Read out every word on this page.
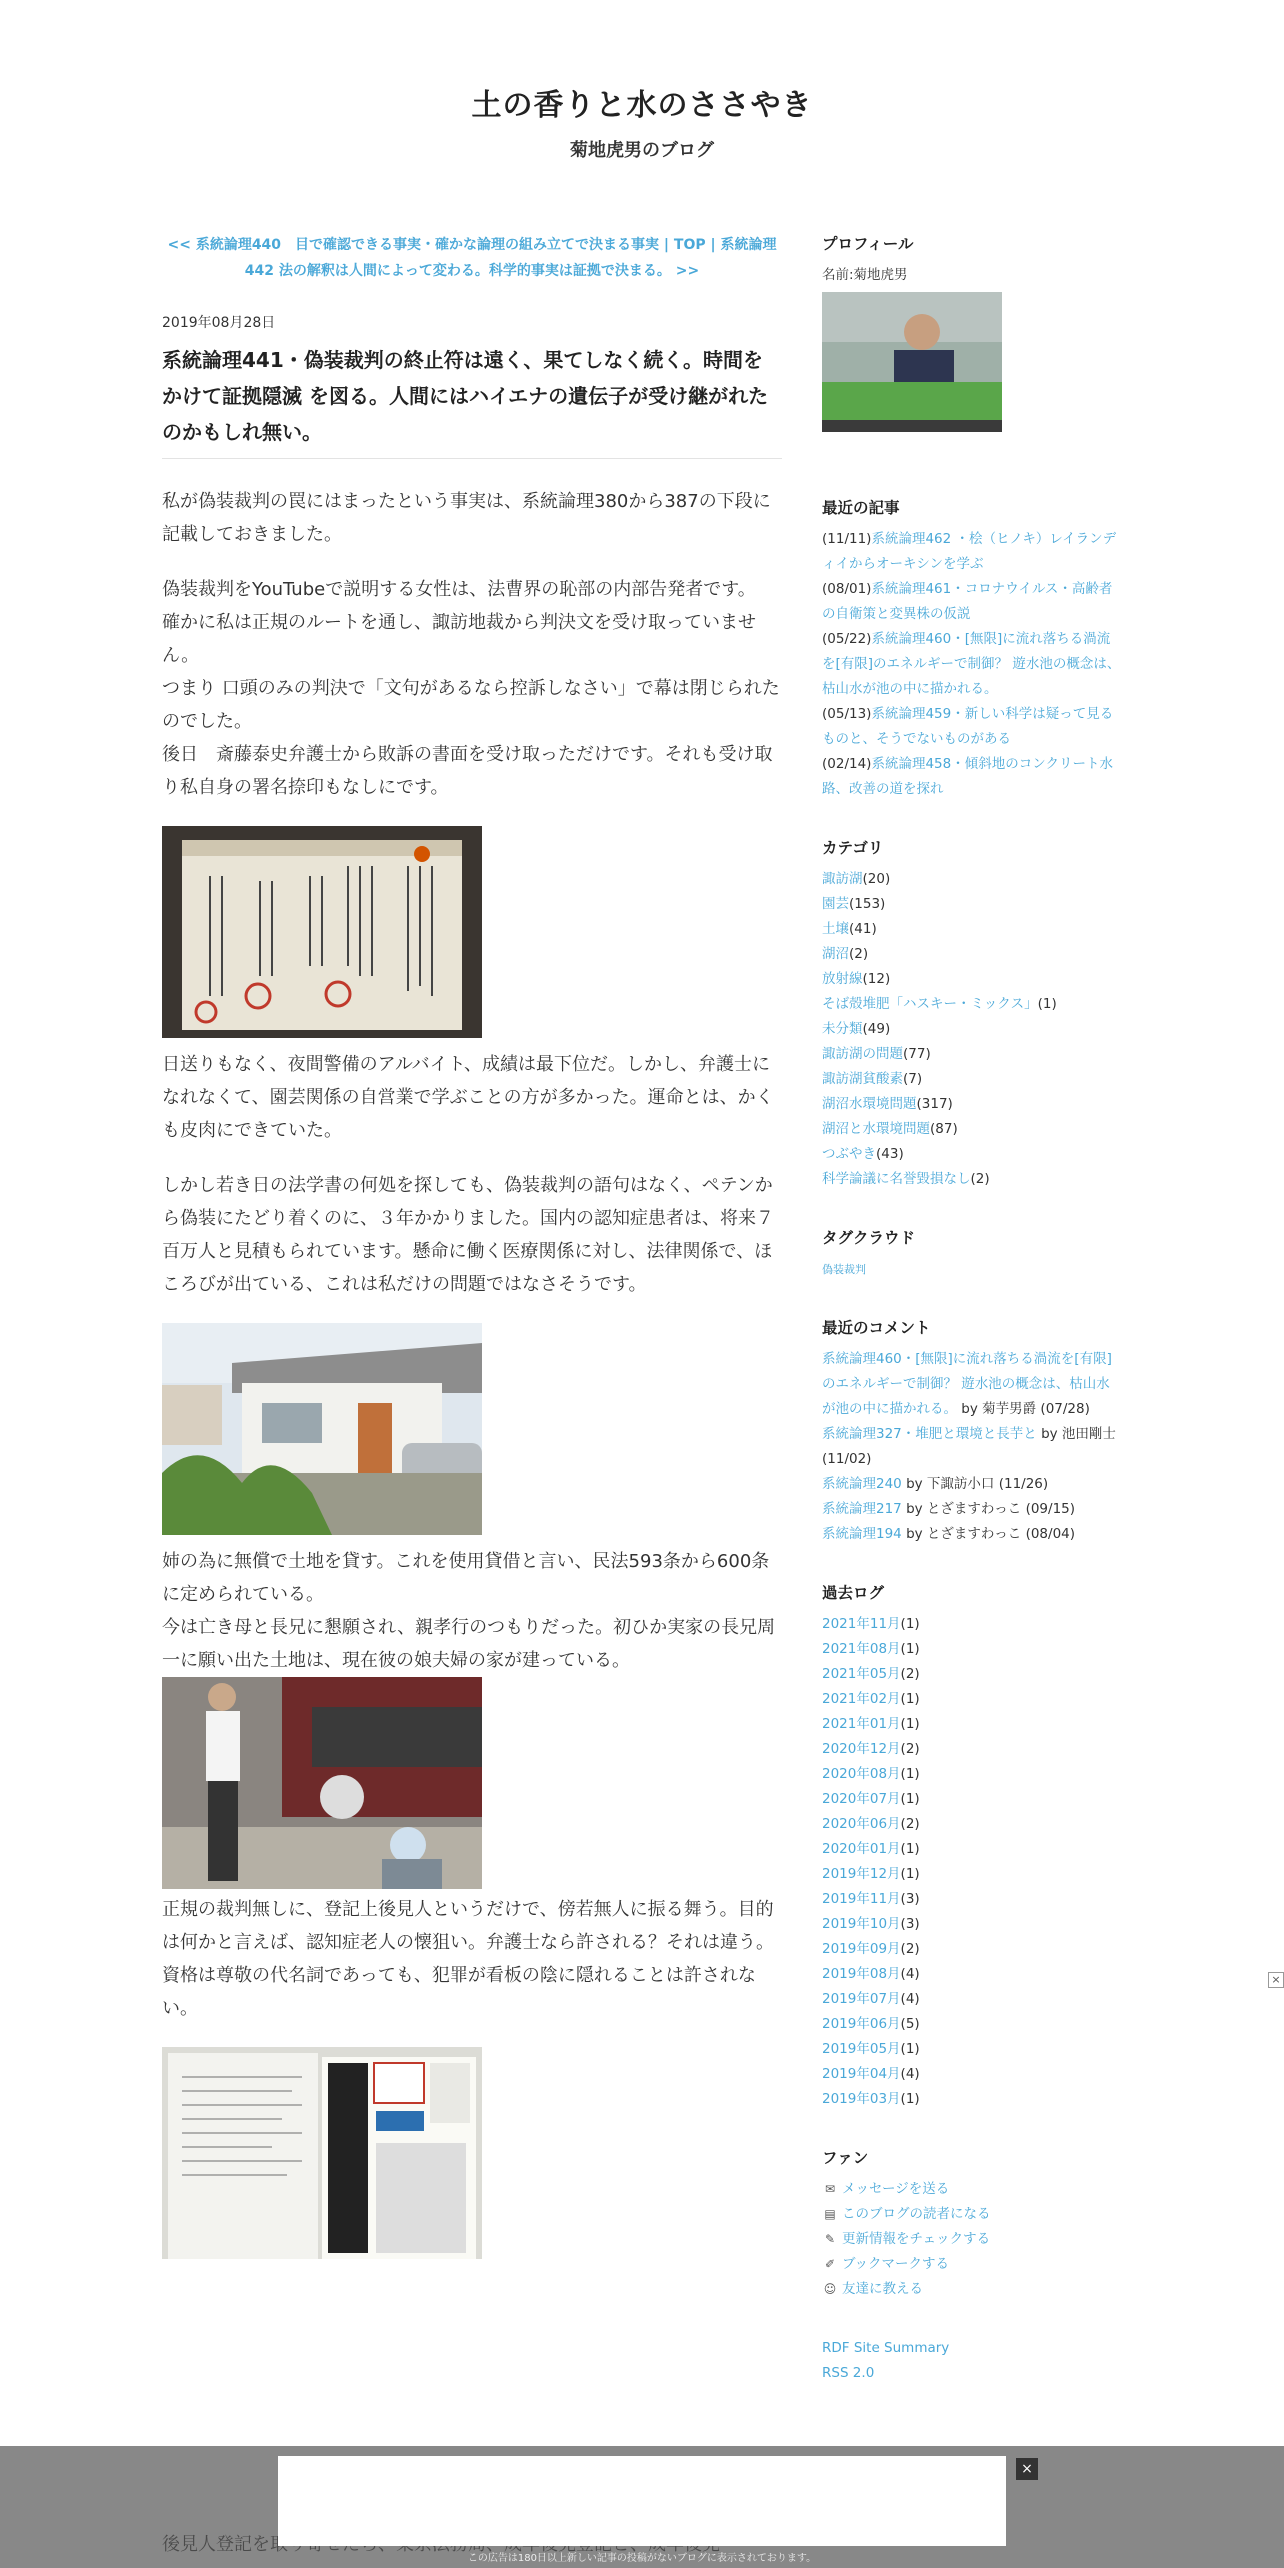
土の香りと水のささやき
菊地虎男のブログ
<< 系統論理440　目で確認できる事実・確かな論理の組み立てで決まる事実 | TOP | 系統論理442 法の解釈は人間によって変わる。科学的事実は証拠で決まる。 >>
2019年08月28日
系統論理441・偽装裁判の終止符は遠く、果てしなく続く。時間をかけて証拠隠滅 を図る。人間にはハイエナの遺伝子が受け継がれたのかもしれ無い。

私が偽装裁判の罠にはまったという事実は、系統論理380から387の下段に記載しておきました。

偽装裁判をYouTubeで説明する女性は、法曹界の恥部の内部告発者です。

確かに私は正規のルートを通し、諏訪地裁から判決文を受け取っていません。

つまり 口頭のみの判決で「文句があるなら控訴しなさい」で幕は閉じられたのでした。

後日　斎藤泰史弁護士から敗訴の書面を受け取っただけです。それも受け取り私自身の署名捺印もなしにです。

日送りもなく、夜間警備のアルバイト、成績は最下位だ。しかし、弁護士になれなくて、園芸関係の自営業で学ぶことの方が多かった。運命とは、かくも皮肉にできていた。

しかし若き日の法学書の何処を探しても、偽装裁判の語句はなく、ペテンから偽装にたどり着くのに、３年かかりました。国内の認知症患者は、将来７百万人と見積もられています。懸命に働く医療関係に対し、法律関係で、ほころびが出ている、これは私だけの問題ではなさそうです。

姉の為に無償で土地を貸す。これを使用貸借と言い、民法593条から600条に定められている。

今は亡き母と長兄に懇願され、親孝行のつもりだった。初ひか実家の長兄周一に願い出た土地は、現在彼の娘夫婦の家が建っている。

正規の裁判無しに、登記上後見人というだけで、傍若無人に振る舞う。目的は何かと言えば、認知症老人の懐狙い。弁護士なら許される？それは違う。資格は尊敬の代名詞であっても、犯罪が看板の陰に隠れることは許されない。

プロフィール
名前:菊地虎男
最近の記事
(11/11)系統論理462 ・桧（ヒノキ）レイランディイからオーキシンを学ぶ
(08/01)系統論理461・コロナウイルス・高齢者の自衛策と変異株の仮説
(05/22)系統論理460・[無限]に流れ落ちる渦流を[有限]のエネルギーで制御？ 遊水池の概念は、枯山水が池の中に描かれる。
(05/13)系統論理459・新しい科学は疑って見るものと、そうでないものがある
(02/14)系統論理458・傾斜地のコンクリート水路、改善の道を探れ
カテゴリ
諏訪湖(20)
園芸(153)
土壌(41)
湖沼(2)
放射線(12)
そば殻堆肥「ハスキー・ミックス」(1)
未分類(49)
諏訪湖の問題(77)
諏訪湖貧酸素(7)
湖沼水環境問題(317)
湖沼と水環境問題(87)
つぶやき(43)
科学論議に名誉毀損なし(2)
タグクラウド
偽装裁判
最近のコメント
系統論理460・[無限]に流れ落ちる渦流を[有限]のエネルギーで制御？ 遊水池の概念は、枯山水が池の中に描かれる。 by 菊芋男爵 (07/28)
系統論理327・堆肥と環境と長芋と by 池田剛士 (11/02)
系統論理240 by 下諏訪小口 (11/26)
系統論理217 by とざますわっこ (09/15)
系統論理194 by とざますわっこ (08/04)
過去ログ
2021年11月(1)
2021年08月(1)
2021年05月(2)
2021年02月(1)
2021年01月(1)
2020年12月(2)
2020年08月(1)
2020年07月(1)
2020年06月(2)
2020年01月(1)
2019年12月(1)
2019年11月(3)
2019年10月(3)
2019年09月(2)
2019年08月(4)
2019年07月(4)
2019年06月(5)
2019年05月(1)
2019年04月(4)
2019年03月(1)
ファン
✉ メッセージを送る
▤ このブログの読者になる
✎ 更新情報をチェックする
✐ ブックマークする
☺ 友達に教える
RDF Site Summary
RSS 2.0
×
×
この広告は180日以上新しい記事の投稿がないブログに表示されております。
